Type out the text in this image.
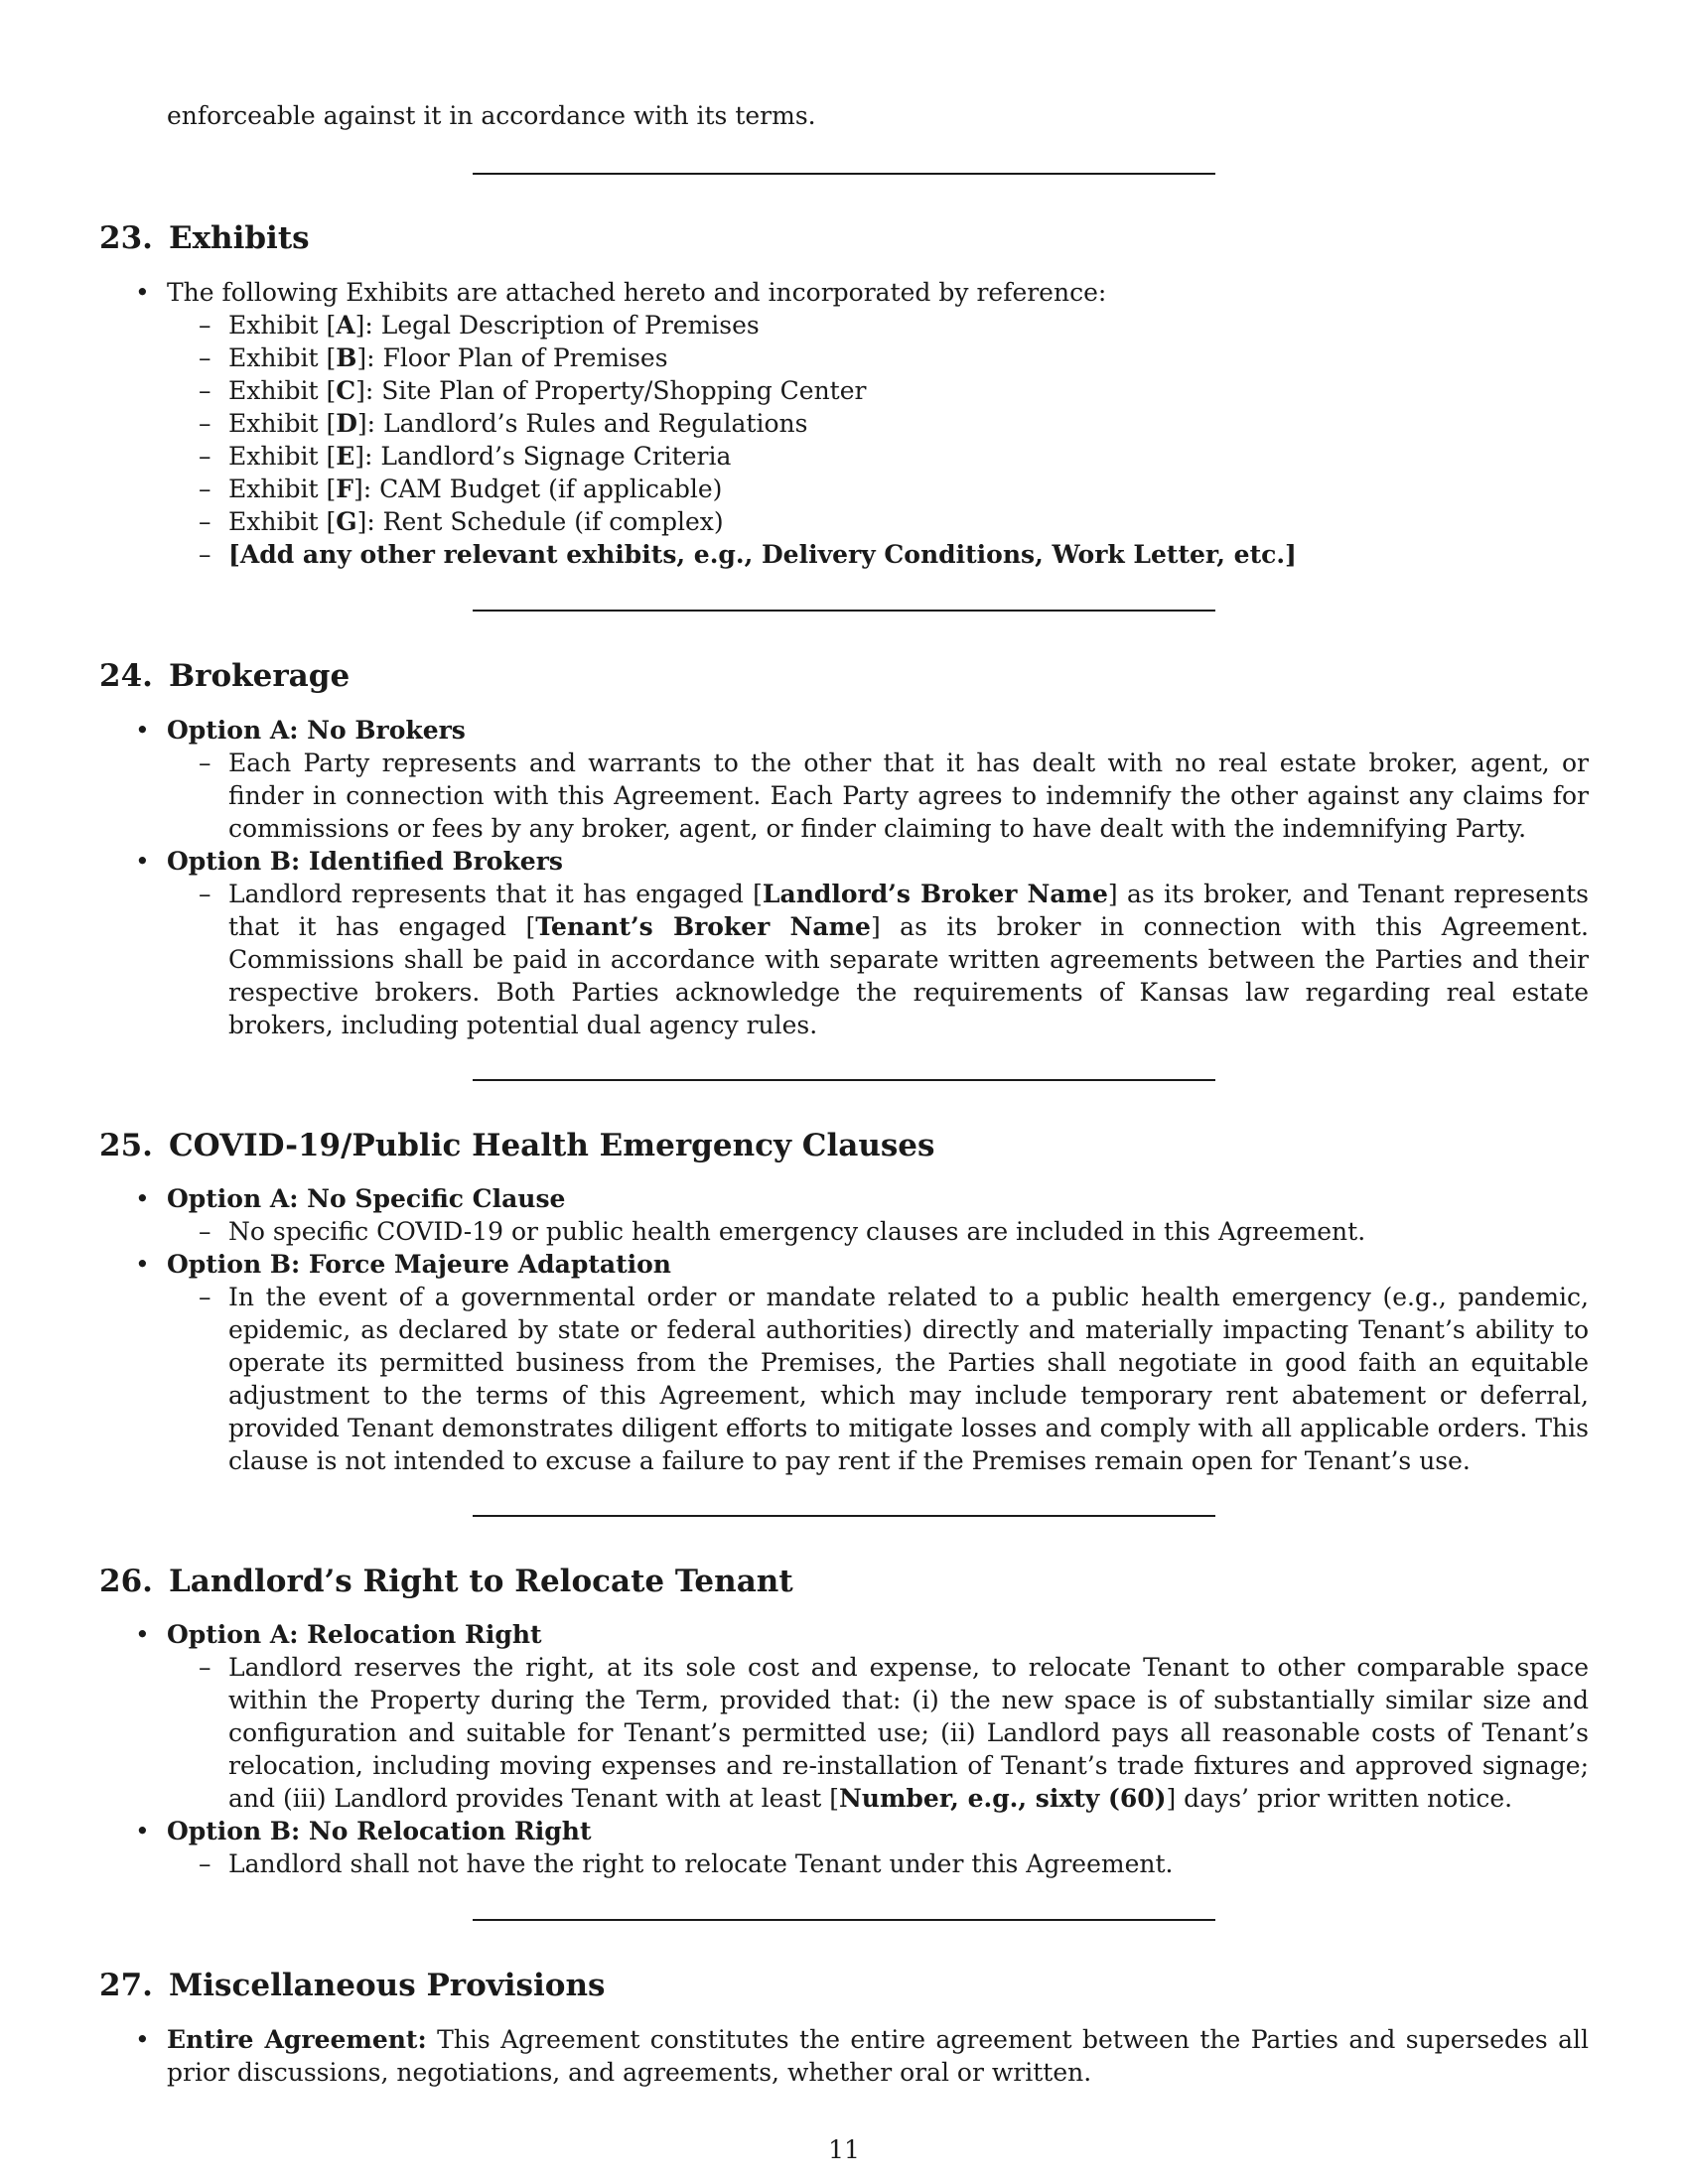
enforceable against it in accordance with its terms.

23. Exhibits
• The following Exhibits are attached hereto and incorporated by reference:
– Exhibit [A]: Legal Description of Premises
– Exhibit [B]: Floor Plan of Premises
– Exhibit [C]: Site Plan of Property/Shopping Center
– Exhibit [D]: Landlord’s Rules and Regulations
– Exhibit [E]: Landlord’s Signage Criteria
– Exhibit [F]: CAM Budget (if applicable)
– Exhibit [G]: Rent Schedule (if complex)
– [Add any other relevant exhibits, e.g., Delivery Conditions, Work Letter, etc.]
24. Brokerage
• Option A: No Brokers
– Each Party represents and warrants to the other that it has dealt with no real estate broker, agent, or finder in connection with this Agreement. Each Party agrees to indemnify the other against any claims for commissions or fees by any broker, agent, or finder claiming to have dealt with the indemnifying Party.
• Option B: Identified Brokers
– Landlord represents that it has engaged [Landlord’s Broker Name] as its broker, and Tenant represents that it has engaged [Tenant’s Broker Name] as its broker in connection with this Agreement. Commissions shall be paid in accordance with separate written agreements between the Parties and their respective brokers. Both Parties acknowledge the requirements of Kansas law regarding real estate brokers, including potential dual agency rules.
25. COVID-19/Public Health Emergency Clauses
• Option A: No Specific Clause
– No specific COVID-19 or public health emergency clauses are included in this Agreement.
• Option B: Force Majeure Adaptation
– In the event of a governmental order or mandate related to a public health emergency (e.g., pandemic, epidemic, as declared by state or federal authorities) directly and materially impacting Tenant’s ability to operate its permitted business from the Premises, the Parties shall negotiate in good faith an equitable adjustment to the terms of this Agreement, which may include temporary rent abatement or deferral, provided Tenant demonstrates diligent efforts to mitigate losses and comply with all applicable orders. This clause is not intended to excuse a failure to pay rent if the Premises remain open for Tenant’s use.
26. Landlord’s Right to Relocate Tenant
• Option A: Relocation Right
– Landlord reserves the right, at its sole cost and expense, to relocate Tenant to other comparable space within the Property during the Term, provided that: (i) the new space is of substantially similar size and configuration and suitable for Tenant’s permitted use; (ii) Landlord pays all reasonable costs of Tenant’s relocation, including moving expenses and re-installation of Tenant’s trade fixtures and approved signage; and (iii) Landlord provides Tenant with at least [Number, e.g., sixty (60)] days’ prior written notice.
• Option B: No Relocation Right
– Landlord shall not have the right to relocate Tenant under this Agreement.
27. Miscellaneous Provisions
• Entire Agreement: This Agreement constitutes the entire agreement between the Parties and supersedes all prior discussions, negotiations, and agreements, whether oral or written.
11
